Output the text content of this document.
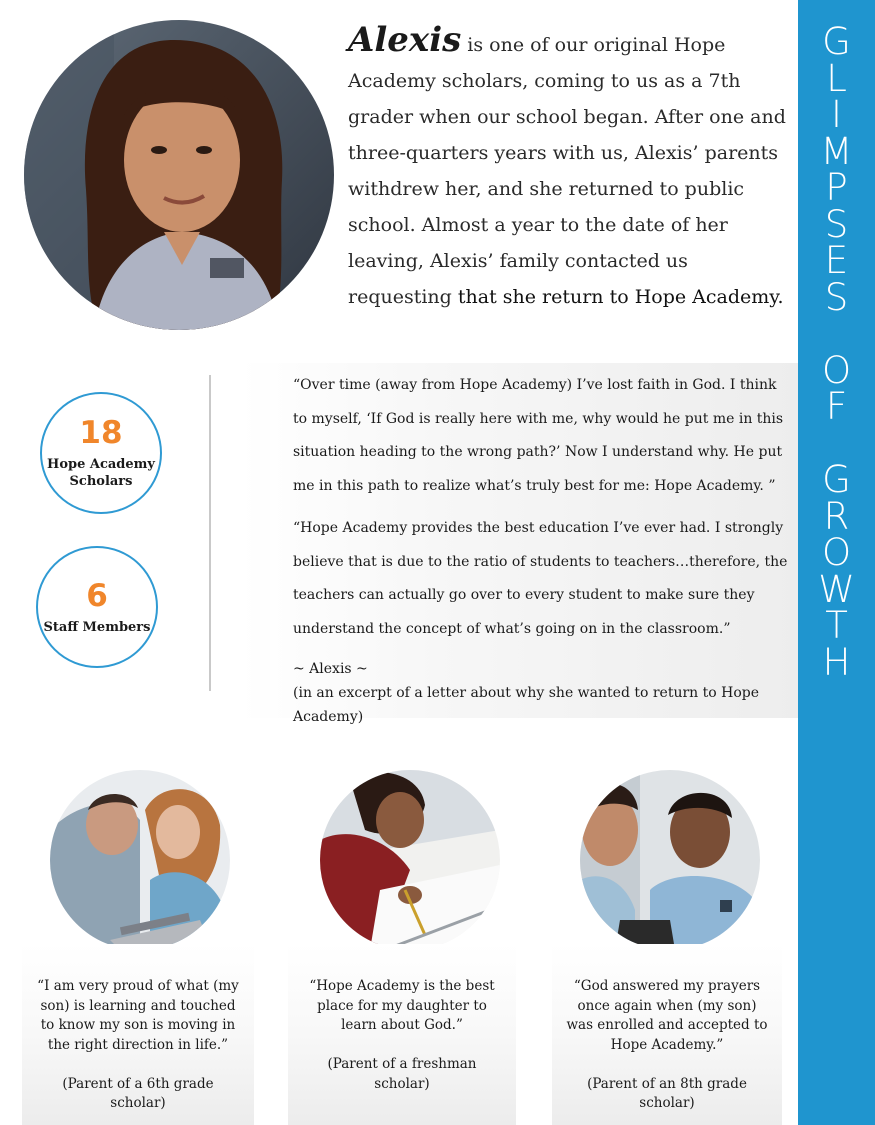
G
L
I
M
P
S
E
S
O
F
G
R
O
W
T
H
Alexis is one of our original Hope Academy scholars, coming to us as a 7th grader when our school began. After one and three-quarters years with us, Alexis’ parents withdrew her, and she returned to public school. Almost a year to the date of her leaving, Alexis’ family contacted us requesting that she return to Hope Academy.
18
Hope Academy
Scholars
6
Staff Members

“Over time (away from Hope Academy) I’ve lost faith in God. I think to myself, ‘If God is really here with me, why would he put me in this situation heading to the wrong path?’ Now I understand why. He put me in this path to realize what’s truly best for me: Hope Academy. ”

“Hope Academy provides the best education I’ve ever had. I strongly believe that is due to the ratio of students to teachers…therefore, the teachers can actually go over to every student to make sure they understand the concept of what’s going on in the classroom.”

~ Alexis ~
(in an excerpt of a letter about why she wanted to return to Hope Academy)
“I am very proud of what (my son) is learning and touched to know my son is moving in the right direction in life.”
(Parent of a 6th grade scholar)
“Hope Academy is the best place for my daughter to learn about God.”
(Parent of a freshman scholar)
“God answered my prayers once again when (my son) was enrolled and accepted to Hope Academy.”
(Parent of an 8th grade scholar)
